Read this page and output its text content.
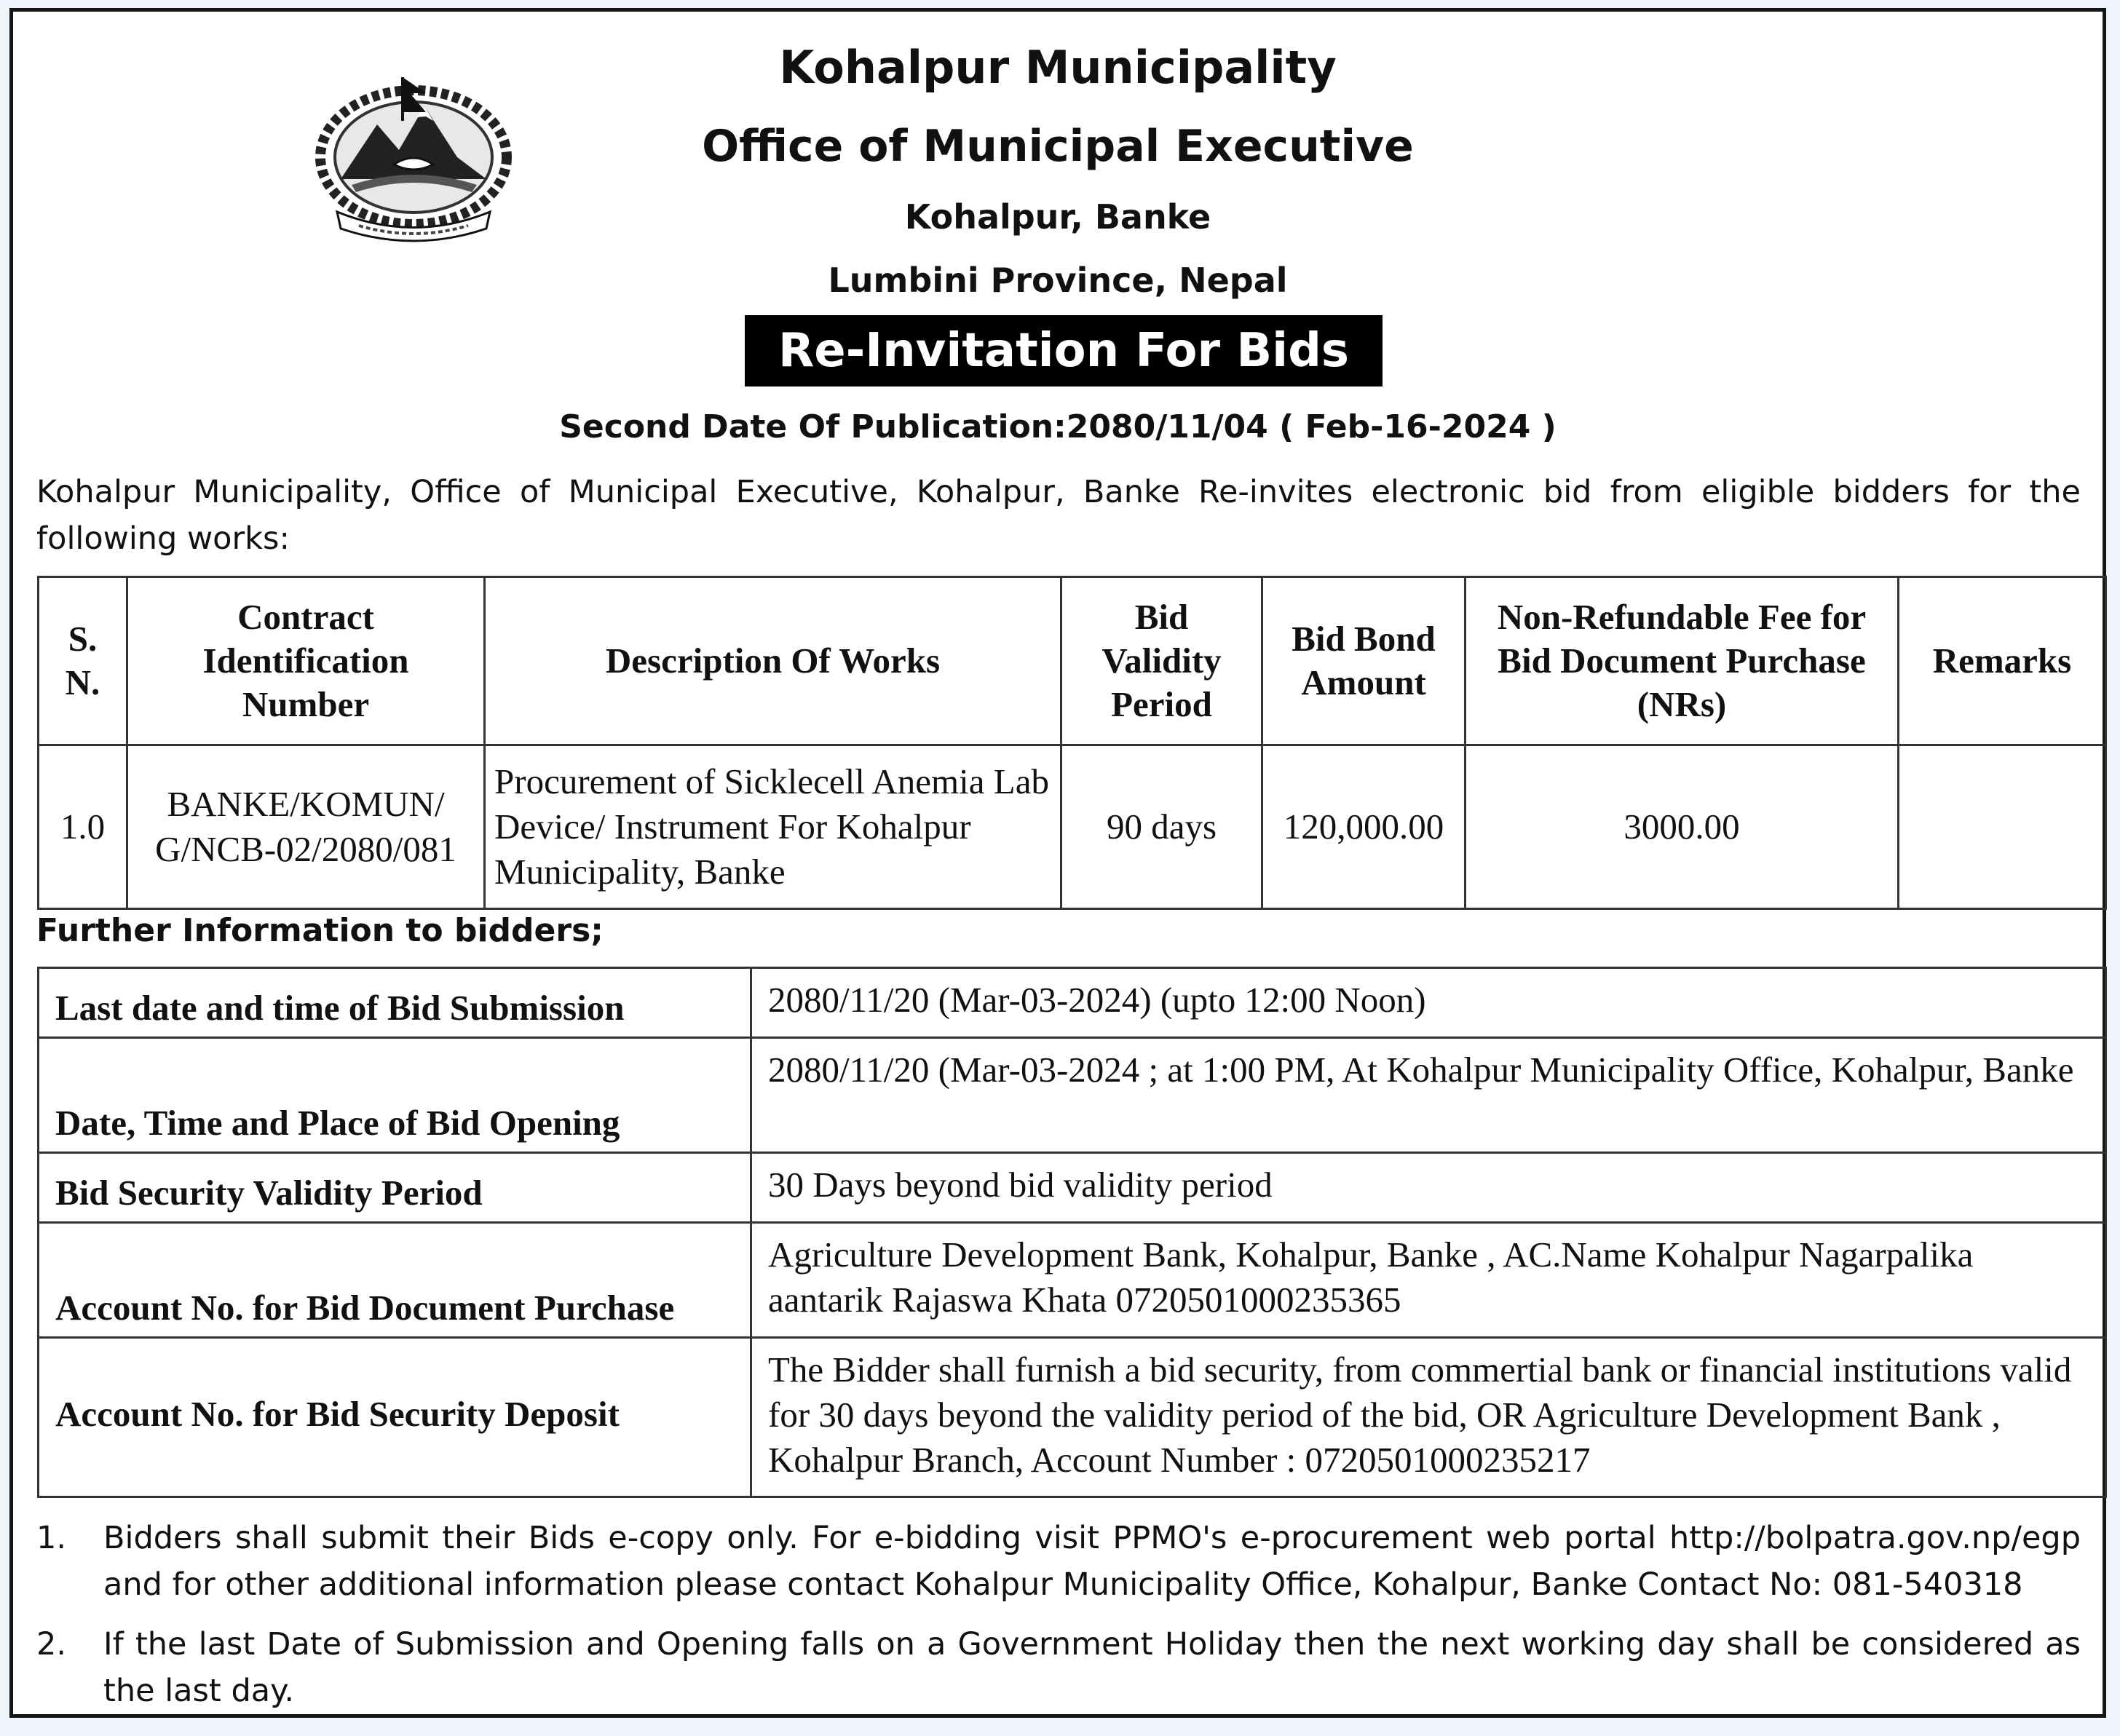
Kohalpur Municipality
Office of Municipal Executive
Kohalpur, Banke
Lumbini Province, Nepal
Re-Invitation For Bids
Second Date Of Publication:2080/11/04 ( Feb-16-2024 )
Kohalpur Municipality, Office of Municipal Executive, Kohalpur, Banke Re-invites electronic bid from eligible bidders for the following works:
S. N.	Contract Identification Number	Description Of Works	Bid Validity Period	Bid Bond Amount	Non-Refundable Fee for Bid Document Purchase (NRs)	Remarks
1.0	BANKE/KOMUN/ G/NCB-02/2080/081	Procurement of Sicklecell Anemia Lab Device/ Instrument For Kohalpur Municipality, Banke	90 days	120,000.00	3000.00	
Further Information to bidders;
Last date and time of Bid Submission	2080/11/20 (Mar-03-2024) (upto 12:00 Noon)
Date, Time and Place of Bid Opening	2080/11/20 (Mar-03-2024 ; at 1:00 PM, At Kohalpur Municipality Office, Kohalpur, Banke
Bid Security Validity Period	30 Days beyond bid validity period
Account No. for Bid Document Purchase	Agriculture Development Bank, Kohalpur, Banke , AC.Name Kohalpur Nagarpalika aantarik Rajaswa Khata 0720501000235365
Account No. for Bid Security Deposit	The Bidder shall furnish a bid security, from commertial bank or financial institutions valid for 30 days beyond the validity period of the bid, OR Agriculture Development Bank , Kohalpur Branch, Account Number : 0720501000235217
1.	Bidders shall submit their Bids e-copy only. For e-bidding visit PPMO's e-procurement web portal http://bolpatra.gov.np/egp and for other additional information please contact Kohalpur Municipality Office, Kohalpur, Banke Contact No: 081-540318
2.	If the last Date of Submission and Opening falls on a Government Holiday then the next working day shall be considered as the last day.
